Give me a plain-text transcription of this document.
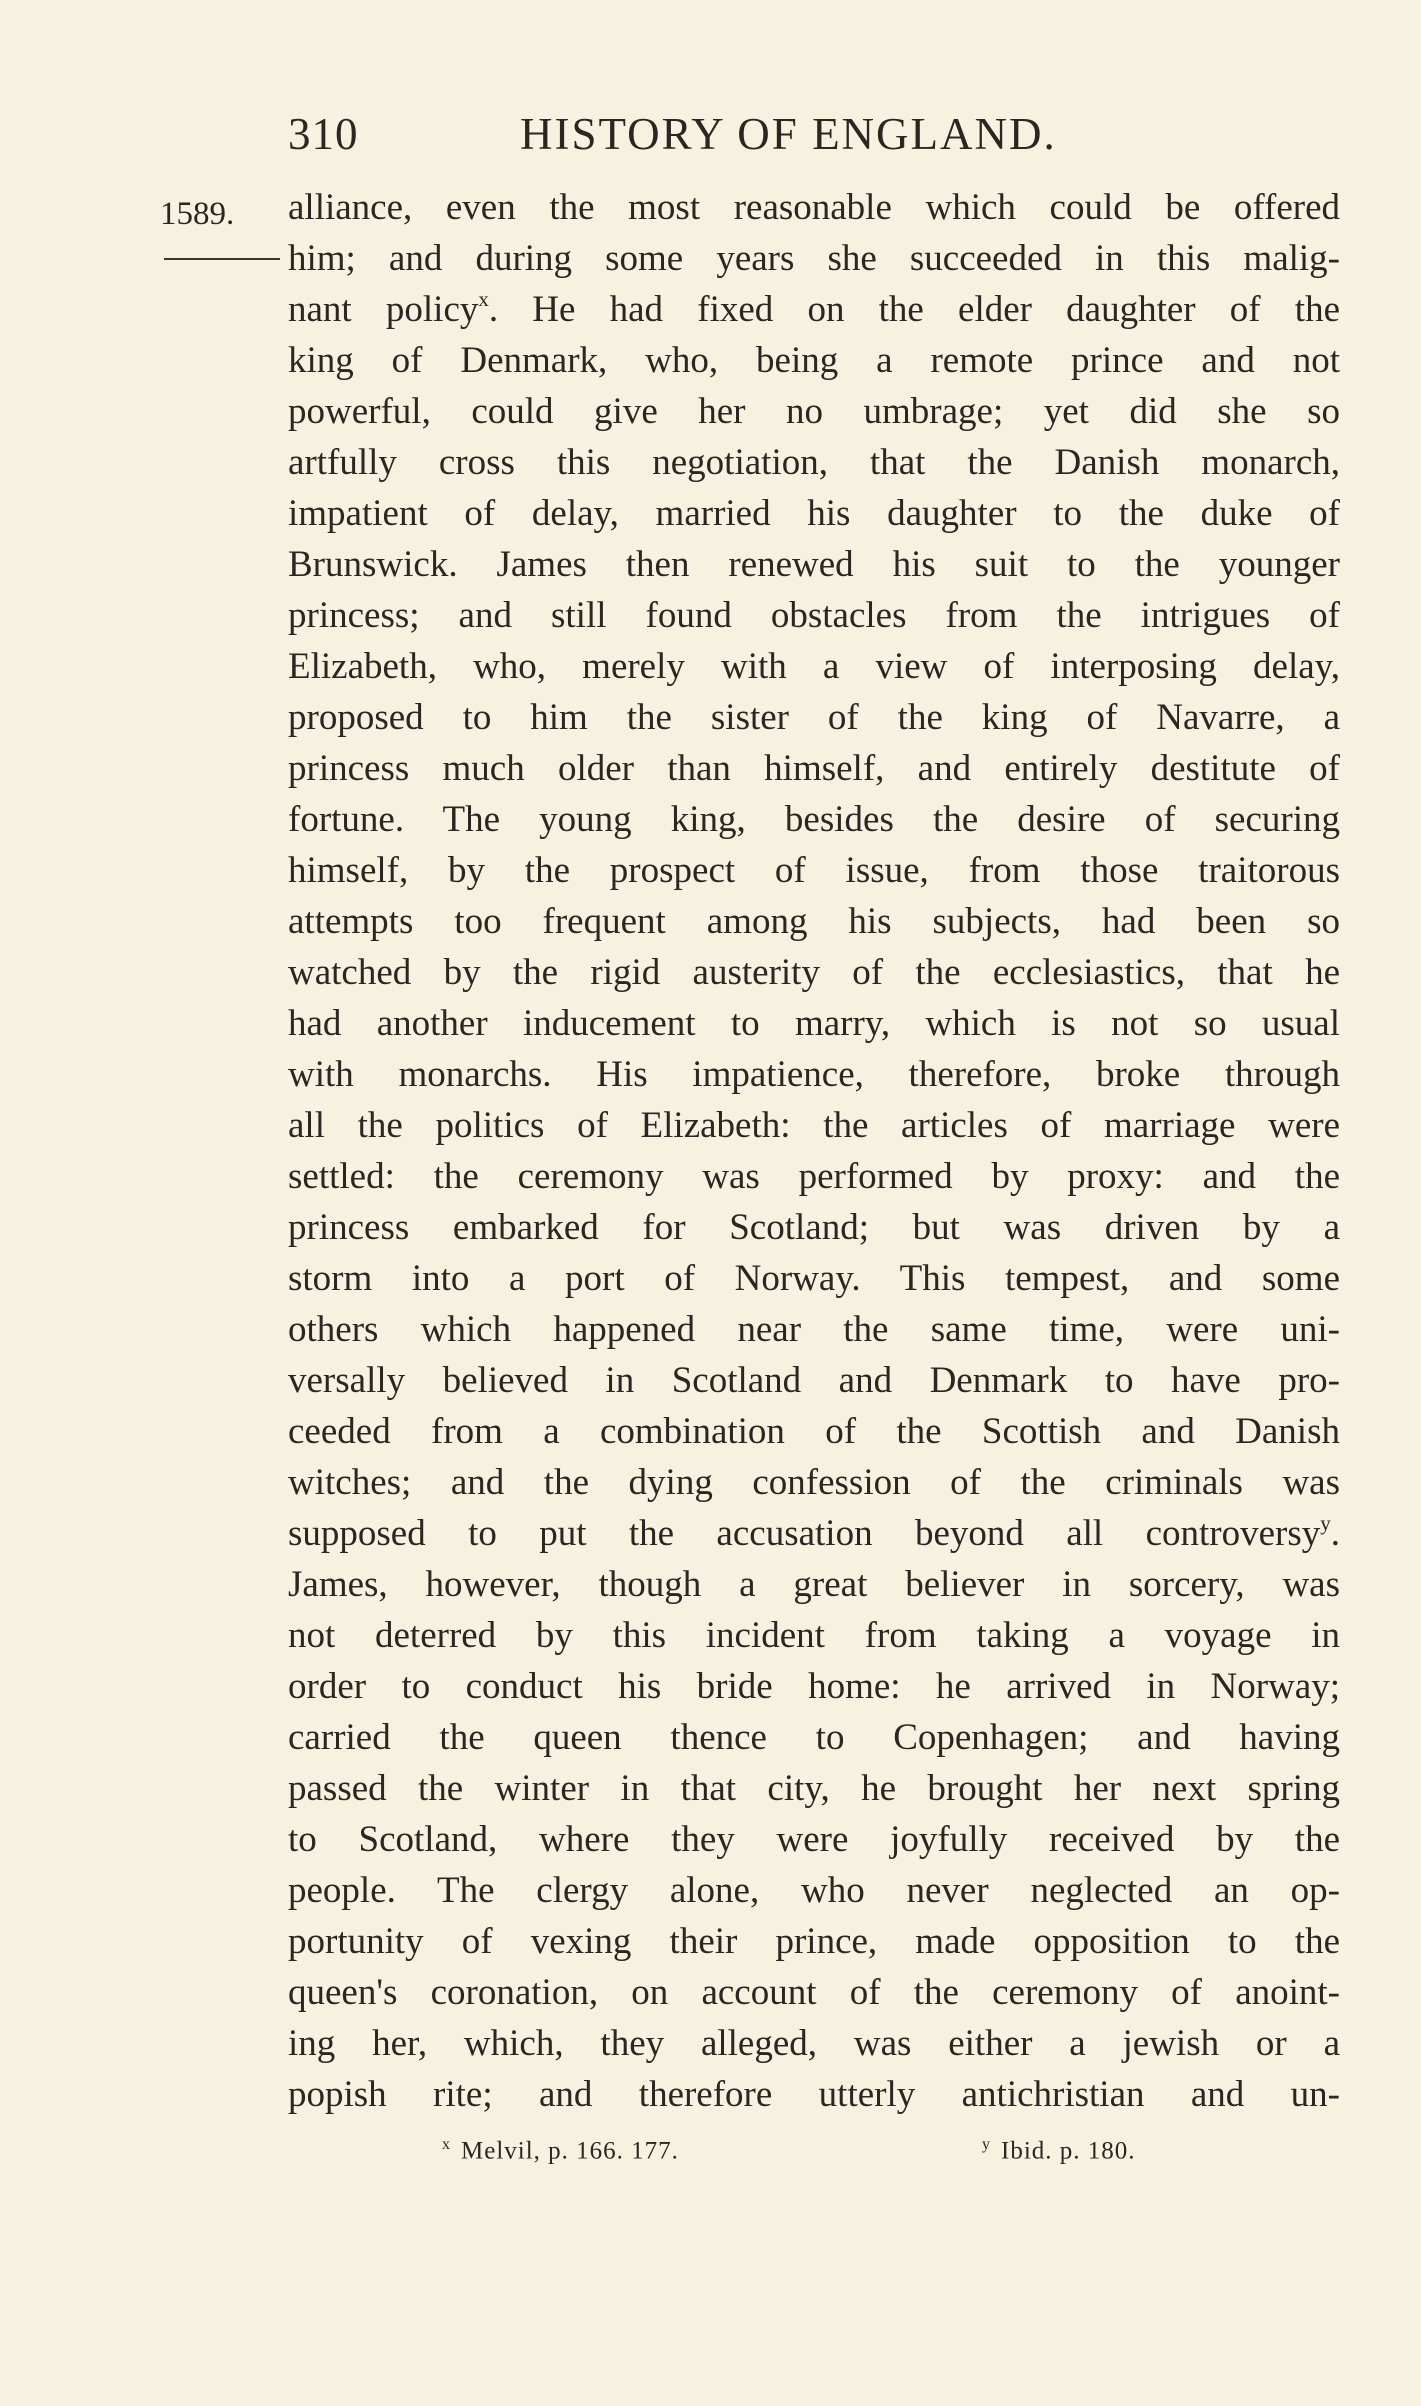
310	HISTORY OF ENGLAND.
1589. alliance, even the most reasonable which could be offered
him; and during some years she succeeded in this malig-
nant policy$^x$. He had fixed on the elder daughter of the
king of Denmark, who, being a remote prince and not
powerful, could give her no umbrage; yet did she so
artfully cross this negotiation, that the Danish monarch,
impatient of delay, married his daughter to the duke of
Brunswick. James then renewed his suit to the younger
princess; and still found obstacles from the intrigues of
Elizabeth, who, merely with a view of interposing delay,
proposed to him the sister of the king of Navarre, a
princess much older than himself, and entirely destitute of
fortune. The young king, besides the desire of securing
himself, by the prospect of issue, from those traitorous
attempts too frequent among his subjects, had been so
watched by the rigid austerity of the ecclesiastics, that he
had another inducement to marry, which is not so usual
with monarchs. His impatience, therefore, broke through
all the politics of Elizabeth: the articles of marriage were
settled: the ceremony was performed by proxy: and the
princess embarked for Scotland; but was driven by a
storm into a port of Norway. This tempest, and some
others which happened near the same time, were uni-
versally believed in Scotland and Denmark to have pro-
ceeded from a combination of the Scottish and Danish
witches; and the dying confession of the criminals was
supposed to put the accusation beyond all controversy$^y$.
James, however, though a great believer in sorcery, was
not deterred by this incident from taking a voyage in
order to conduct his bride home: he arrived in Norway;
carried the queen thence to Copenhagen; and having
passed the winter in that city, he brought her next spring
to Scotland, where they were joyfully received by the
people. The clergy alone, who never neglected an op-
portunity of vexing their prince, made opposition to the
queen's coronation, on account of the ceremony of anoint-
ing her, which, they alleged, was either a jewish or a
popish rite; and therefore utterly antichristian and un-
$^x$ Melvil, p. 166. 177.	$^y$ Ibid. p. 180.
